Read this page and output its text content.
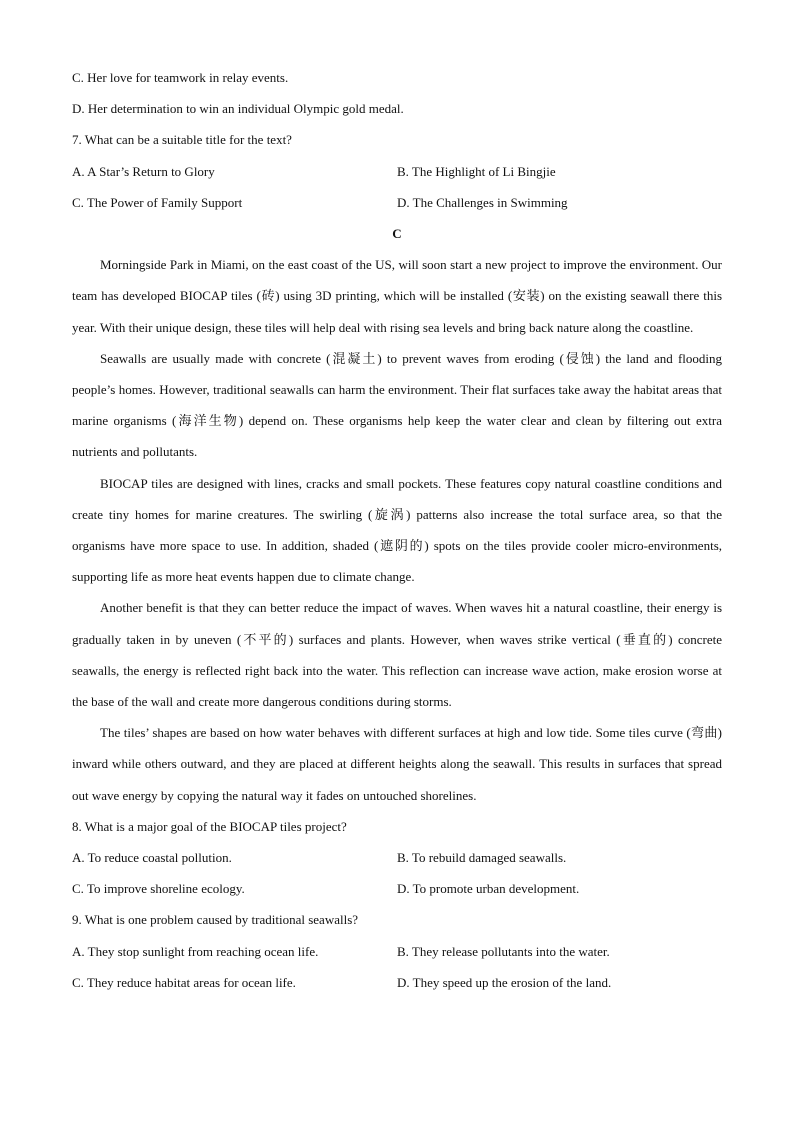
C. Her love for teamwork in relay events.
D. Her determination to win an individual Olympic gold medal.
7. What can be a suitable title for the text?
A. A Star’s Return to Glory	B. The Highlight of Li Bingjie
C. The Power of Family Support	D. The Challenges in Swimming
C

Morningside Park in Miami, on the east coast of the US, will soon start a new project to improve the environment. Our team has developed BIOCAP tiles (砖) using 3D printing, which will be installed (安装) on the existing seawall there this year. With their unique design, these tiles will help deal with rising sea levels and bring back nature along the coastline.

Seawalls are usually made with concrete (混凝土) to prevent waves from eroding (侵蚀) the land and flooding people’s homes. However, traditional seawalls can harm the environment. Their flat surfaces take away the habitat areas that marine organisms (海洋生物) depend on. These organisms help keep the water clear and clean by filtering out extra nutrients and pollutants.

BIOCAP tiles are designed with lines, cracks and small pockets. These features copy natural coastline conditions and create tiny homes for marine creatures. The swirling (旋涡) patterns also increase the total surface area, so that the organisms have more space to use. In addition, shaded (遮阴的) spots on the tiles provide cooler micro-environments, supporting life as more heat events happen due to climate change.

Another benefit is that they can better reduce the impact of waves. When waves hit a natural coastline, their energy is gradually taken in by uneven (不平的) surfaces and plants. However, when waves strike vertical (垂直的) concrete seawalls, the energy is reflected right back into the water. This reflection can increase wave action, make erosion worse at the base of the wall and create more dangerous conditions during storms.

The tiles’ shapes are based on how water behaves with different surfaces at high and low tide. Some tiles curve (弯曲) inward while others outward, and they are placed at different heights along the seawall. This results in surfaces that spread out wave energy by copying the natural way it fades on untouched shorelines.

8. What is a major goal of the BIOCAP tiles project?
A. To reduce coastal pollution.	B. To rebuild damaged seawalls.
C. To improve shoreline ecology.	D. To promote urban development.
9. What is one problem caused by traditional seawalls?
A. They stop sunlight from reaching ocean life.	B. They release pollutants into the water.
C. They reduce habitat areas for ocean life.	D. They speed up the erosion of the land.
